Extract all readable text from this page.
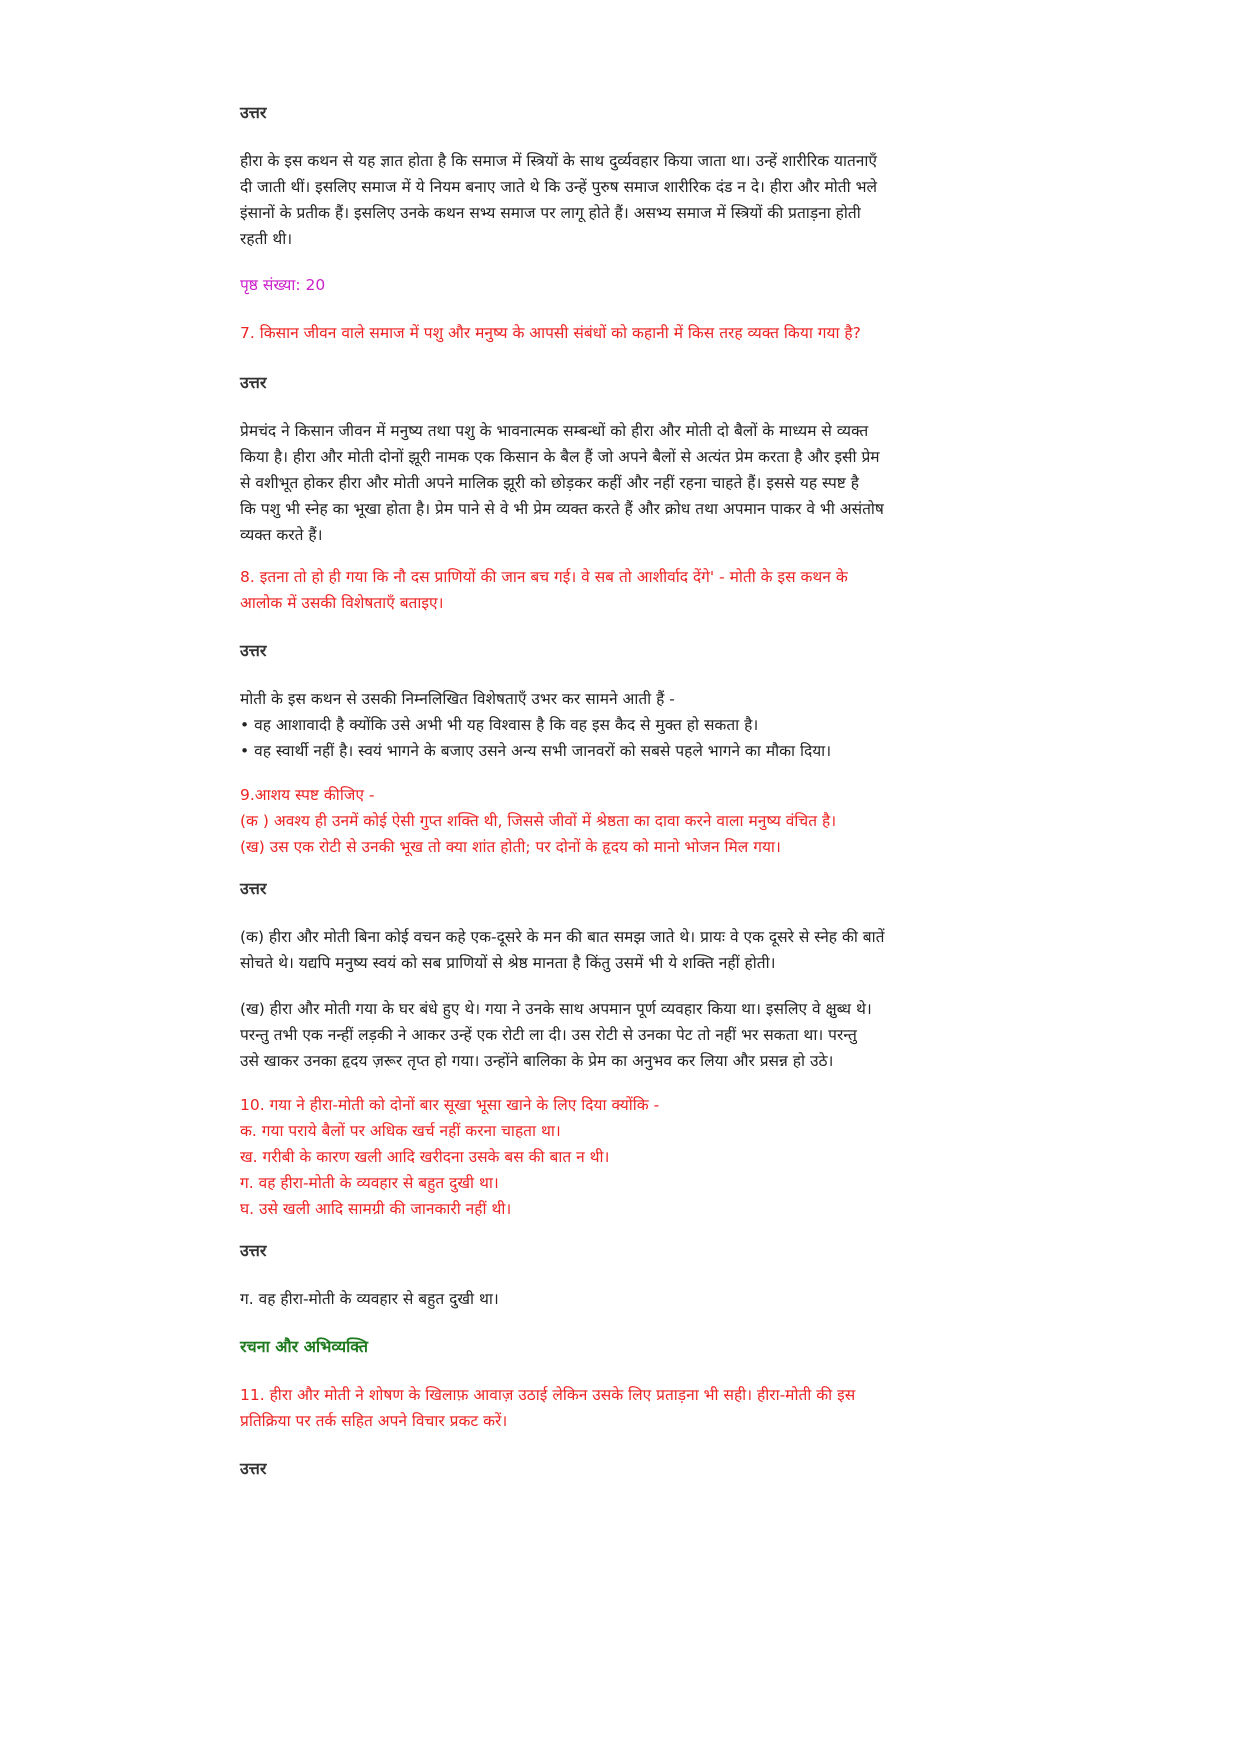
उत्तर
हीरा के इस कथन से यह ज्ञात होता है कि समाज में स्त्रियों के साथ दुर्व्यवहार किया जाता था। उन्हें शारीरिक यातनाएँ
दी जाती थीं। इसलिए समाज में ये नियम बनाए जाते थे कि उन्हें पुरुष समाज शारीरिक दंड न दे। हीरा और मोती भले
इंसानों के प्रतीक हैं। इसलिए उनके कथन सभ्य समाज पर लागू होते हैं। असभ्य समाज में स्त्रियों की प्रताड़ना होती
रहती थी।
पृष्ठ संख्या: 20
7. किसान जीवन वाले समाज में पशु और मनुष्य के आपसी संबंधों को कहानी में किस तरह व्यक्त किया गया है?
उत्तर
प्रेमचंद ने किसान जीवन में मनुष्य तथा पशु के भावनात्मक सम्बन्धों को हीरा और मोती दो बैलों के माध्यम से व्यक्त
किया है। हीरा और मोती दोनों झूरी नामक एक किसान के बैल हैं जो अपने बैलों से अत्यंत प्रेम करता है और इसी प्रेम
से वशीभूत होकर हीरा और मोती अपने मालिक झूरी को छोड़कर कहीं और नहीं रहना चाहते हैं। इससे यह स्पष्ट है
कि पशु भी स्नेह का भूखा होता है। प्रेम पाने से वे भी प्रेम व्यक्त करते हैं और क्रोध तथा अपमान पाकर वे भी असंतोष
व्यक्त करते हैं।
8. इतना तो हो ही गया कि नौ दस प्राणियों की जान बच गई। वे सब तो आशीर्वाद देंगे' - मोती के इस कथन के
आलोक में उसकी विशेषताएँ बताइए।
उत्तर
मोती के इस कथन से उसकी निम्नलिखित विशेषताएँ उभर कर सामने आती हैं -
• वह आशावादी है क्योंकि उसे अभी भी यह विश्वास है कि वह इस कैद से मुक्त हो सकता है।
• वह स्वार्थी नहीं है। स्वयं भागने के बजाए उसने अन्य सभी जानवरों को सबसे पहले भागने का मौका दिया।
9.आशय स्पष्ट कीजिए -
(क ) अवश्य ही उनमें कोई ऐसी गुप्त शक्ति थी, जिससे जीवों में श्रेष्ठता का दावा करने वाला मनुष्य वंचित है।
(ख) उस एक रोटी से उनकी भूख तो क्या शांत होती; पर दोनों के हृदय को मानो भोजन मिल गया।
उत्तर
(क) हीरा और मोती बिना कोई वचन कहे एक-दूसरे के मन की बात समझ जाते थे। प्रायः वे एक दूसरे से स्नेह की बातें
सोचते थे। यद्यपि मनुष्य स्वयं को सब प्राणियों से श्रेष्ठ मानता है किंतु उसमें भी ये शक्ति नहीं होती।
(ख) हीरा और मोती गया के घर बंधे हुए थे। गया ने उनके साथ अपमान पूर्ण व्यवहार किया था। इसलिए वे क्षुब्ध थे।
परन्तु तभी एक नन्हीं लड़की ने आकर उन्हें एक रोटी ला दी। उस रोटी से उनका पेट तो नहीं भर सकता था। परन्तु
उसे खाकर उनका हृदय ज़रूर तृप्त हो गया। उन्होंने बालिका के प्रेम का अनुभव कर लिया और प्रसन्न हो उठे।
10. गया ने हीरा-मोती को दोनों बार सूखा भूसा खाने के लिए दिया क्योंकि -
क. गया पराये बैलों पर अधिक खर्च नहीं करना चाहता था।
ख. गरीबी के कारण खली आदि खरीदना उसके बस की बात न थी।
ग. वह हीरा-मोती के व्यवहार से बहुत दुखी था।
घ. उसे खली आदि सामग्री की जानकारी नहीं थी।
उत्तर
ग. वह हीरा-मोती के व्यवहार से बहुत दुखी था।
रचना और अभिव्यक्ति
11. हीरा और मोती ने शोषण के खिलाफ़ आवाज़ उठाई लेकिन उसके लिए प्रताड़ना भी सही। हीरा-मोती की इस
प्रतिक्रिया पर तर्क सहित अपने विचार प्रकट करें।
उत्तर
